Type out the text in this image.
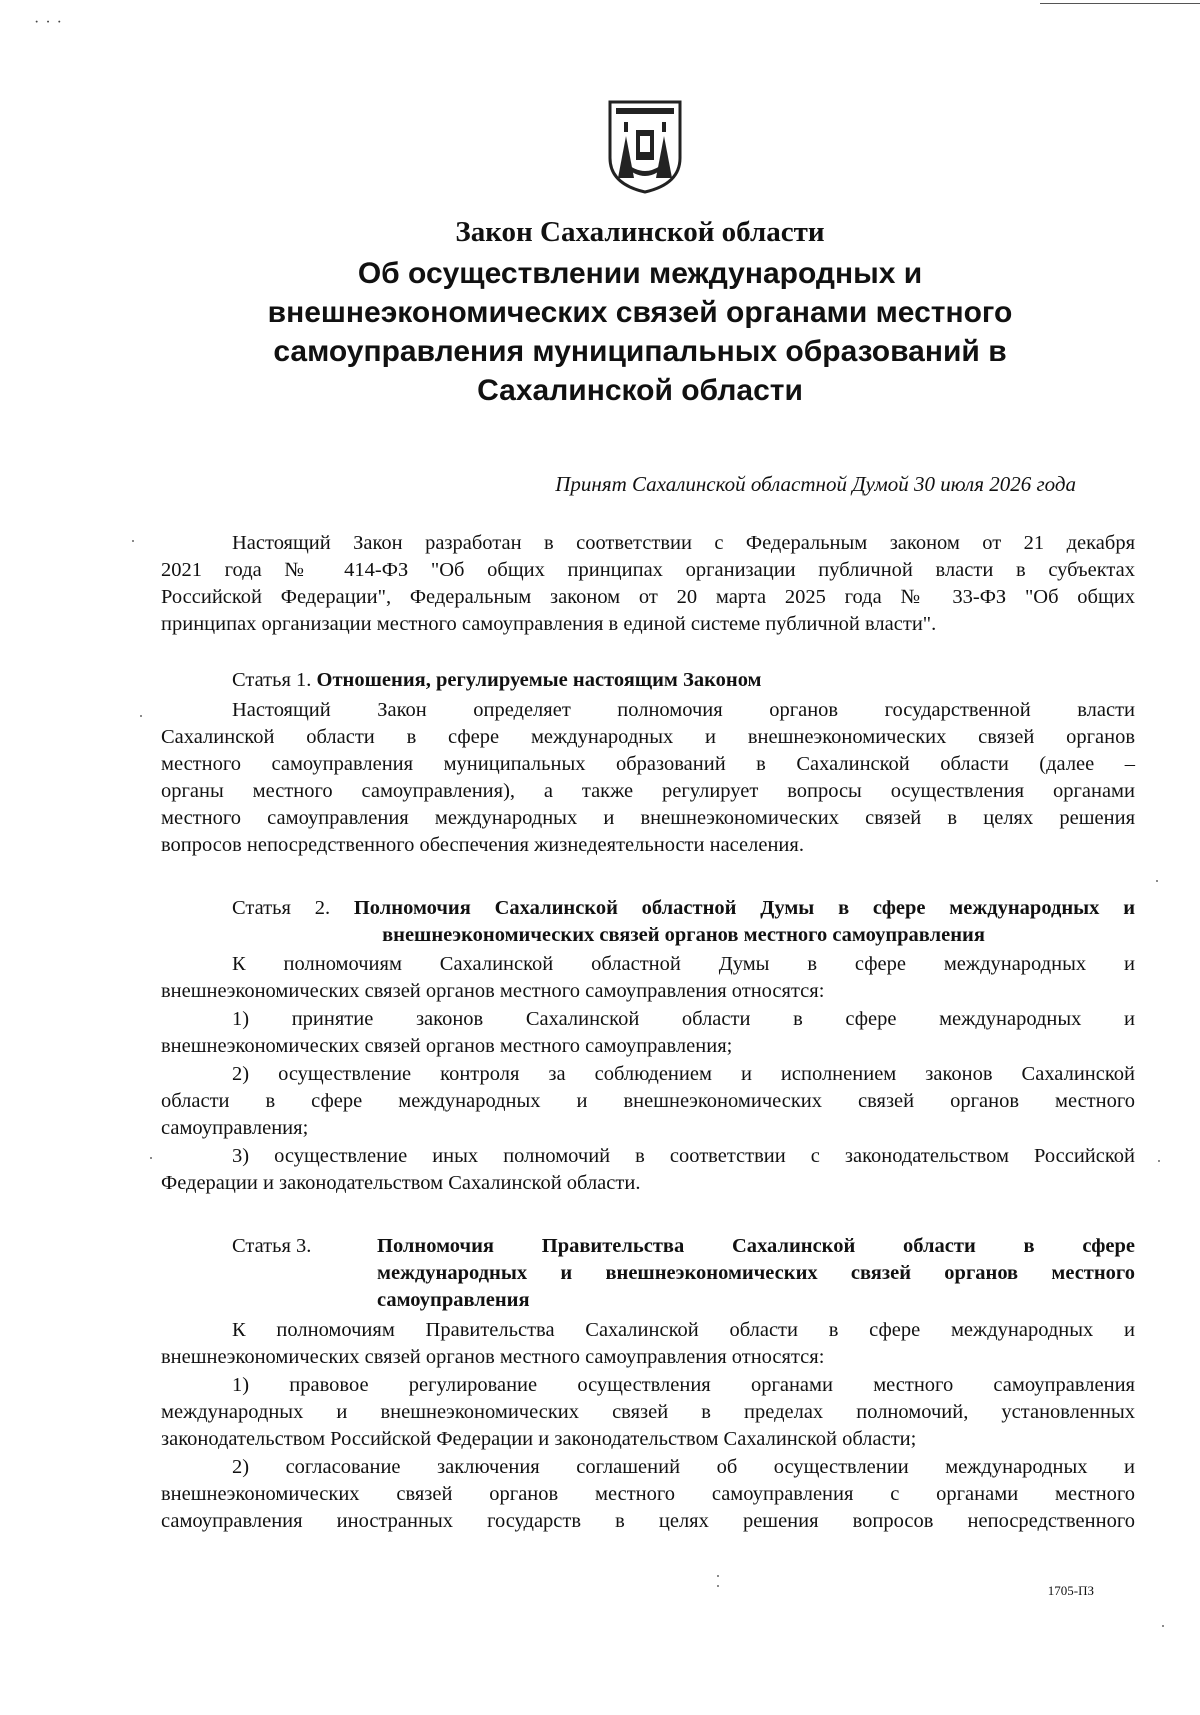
···
Закон Сахалинской области
Об осуществлении международных и
внешнеэкономических связей органами местного
самоуправления муниципальных образований в
Сахалинской области
Принят Сахалинской областной Думой 30 июля 2026 года
Настоящий Закон разработан в соответствии с Федеральным законом от 21 декабря
2021 года № 414-ФЗ "Об общих принципах организации публичной власти в субъектах
Российской Федерации", Федеральным законом от 20 марта 2025 года № 33-ФЗ "Об общих
принципах организации местного самоуправления в единой системе публичной власти".
Статья 1. Отношения, регулируемые настоящим Законом
Настоящий Закон определяет полномочия органов государственной власти
Сахалинской области в сфере международных и внешнеэкономических связей органов
местного самоуправления муниципальных образований в Сахалинской области (далее –
органы местного самоуправления), а также регулирует вопросы осуществления органами
местного самоуправления международных и внешнеэкономических связей в целях решения
вопросов непосредственного обеспечения жизнедеятельности населения.
Статья 2. Полномочия Сахалинской областной Думы в сфере международных и
внешнеэкономических связей органов местного самоуправления
К полномочиям Сахалинской областной Думы в сфере международных и
внешнеэкономических связей органов местного самоуправления относятся:
1) принятие законов Сахалинской области в сфере международных и
внешнеэкономических связей органов местного самоуправления;
2) осуществление контроля за соблюдением и исполнением законов Сахалинской
области в сфере международных и внешнеэкономических связей органов местного
самоуправления;
3) осуществление иных полномочий в соответствии с законодательством Российской
Федерации и законодательством Сахалинской области.
Статья 3.	Полномочия Правительства Сахалинской области в сфере
международных и внешнеэкономических связей органов местного
самоуправления
К полномочиям Правительства Сахалинской области в сфере международных и
внешнеэкономических связей органов местного самоуправления относятся:
1) правовое регулирование осуществления органами местного самоуправления
международных и внешнеэкономических связей в пределах полномочий, установленных
законодательством Российской Федерации и законодательством Сахалинской области;
2) согласование заключения соглашений об осуществлении международных и
внешнеэкономических связей органов местного самоуправления с органами местного
самоуправления иностранных государств в целях решения вопросов непосредственного
1705-ПЗ
